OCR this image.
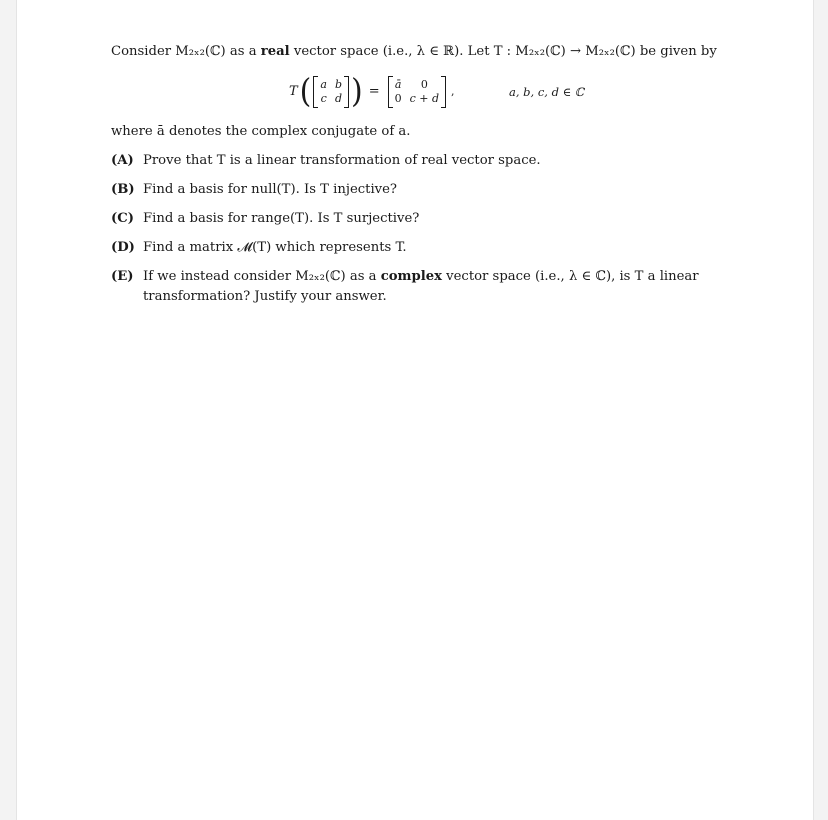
Consider M₂ₓ₂(ℂ) as a real vector space (i.e., λ ∈ ℝ). Let T : M₂ₓ₂(ℂ) → M₂ₓ₂(ℂ) be given by

T ( a b
c d ) = ā	0
0 c + d
,	a, b, c, d ∈ ℂ

where ā denotes the complex conjugate of a.

(A) Prove that T is a linear transformation of real vector space.
(B) Find a basis for null(T). Is T injective?
(C) Find a basis for range(T). Is T surjective?
(D) Find a matrix 𝓜(T) which represents T.
(E) If we instead consider M₂ₓ₂(ℂ) as a complex vector space (i.e., λ ∈ ℂ), is T a linear transformation? Justify your answer.
